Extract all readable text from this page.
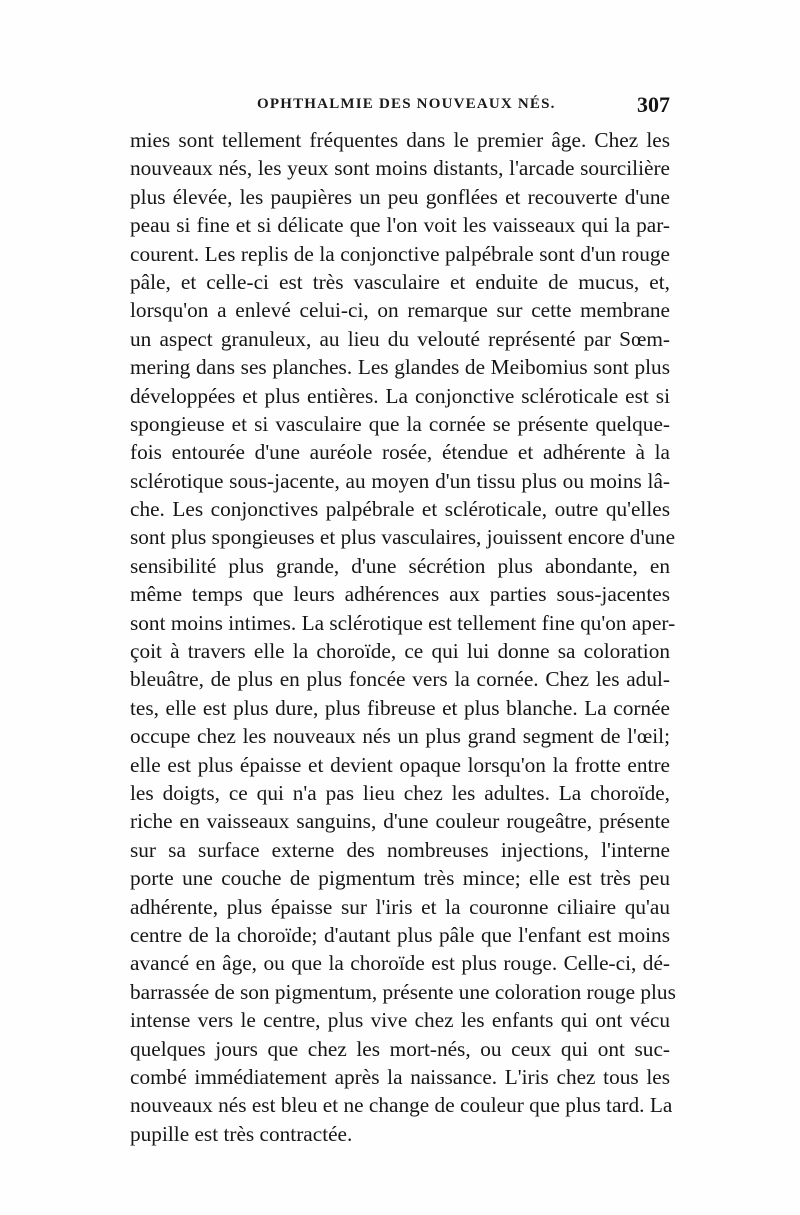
OPHTHALMIE DES NOUVEAUX NÉS.	307
mies sont tellement fréquentes dans le premier âge. Chez les
nouveaux nés, les yeux sont moins distants, l'arcade sourcilière
plus élevée, les paupières un peu gonflées et recouverte d'une
peau si fine et si délicate que l'on voit les vaisseaux qui la par-
courent. Les replis de la conjonctive palpébrale sont d'un rouge
pâle, et celle-ci est très vasculaire et enduite de mucus, et,
lorsqu'on a enlevé celui-ci, on remarque sur cette membrane
un aspect granuleux, au lieu du velouté représenté par Sœm-
mering dans ses planches. Les glandes de Meibomius sont plus
développées et plus entières. La conjonctive scléroticale est si
spongieuse et si vasculaire que la cornée se présente quelque-
fois entourée d'une auréole rosée, étendue et adhérente à la
sclérotique sous-jacente, au moyen d'un tissu plus ou moins lâ-
che. Les conjonctives palpébrale et scléroticale, outre qu'elles
sont plus spongieuses et plus vasculaires, jouissent encore d'une
sensibilité plus grande, d'une sécrétion plus abondante, en
même temps que leurs adhérences aux parties sous-jacentes
sont moins intimes. La sclérotique est tellement fine qu'on aper-
çoit à travers elle la choroïde, ce qui lui donne sa coloration
bleuâtre, de plus en plus foncée vers la cornée. Chez les adul-
tes, elle est plus dure, plus fibreuse et plus blanche. La cornée
occupe chez les nouveaux nés un plus grand segment de l'œil;
elle est plus épaisse et devient opaque lorsqu'on la frotte entre
les doigts, ce qui n'a pas lieu chez les adultes. La choroïde,
riche en vaisseaux sanguins, d'une couleur rougeâtre, présente
sur sa surface externe des nombreuses injections, l'interne
porte une couche de pigmentum très mince; elle est très peu
adhérente, plus épaisse sur l'iris et la couronne ciliaire qu'au
centre de la choroïde; d'autant plus pâle que l'enfant est moins
avancé en âge, ou que la choroïde est plus rouge. Celle-ci, dé-
barrassée de son pigmentum, présente une coloration rouge plus
intense vers le centre, plus vive chez les enfants qui ont vécu
quelques jours que chez les mort-nés, ou ceux qui ont suc-
combé immédiatement après la naissance. L'iris chez tous les
nouveaux nés est bleu et ne change de couleur que plus tard. La
pupille est très contractée.
